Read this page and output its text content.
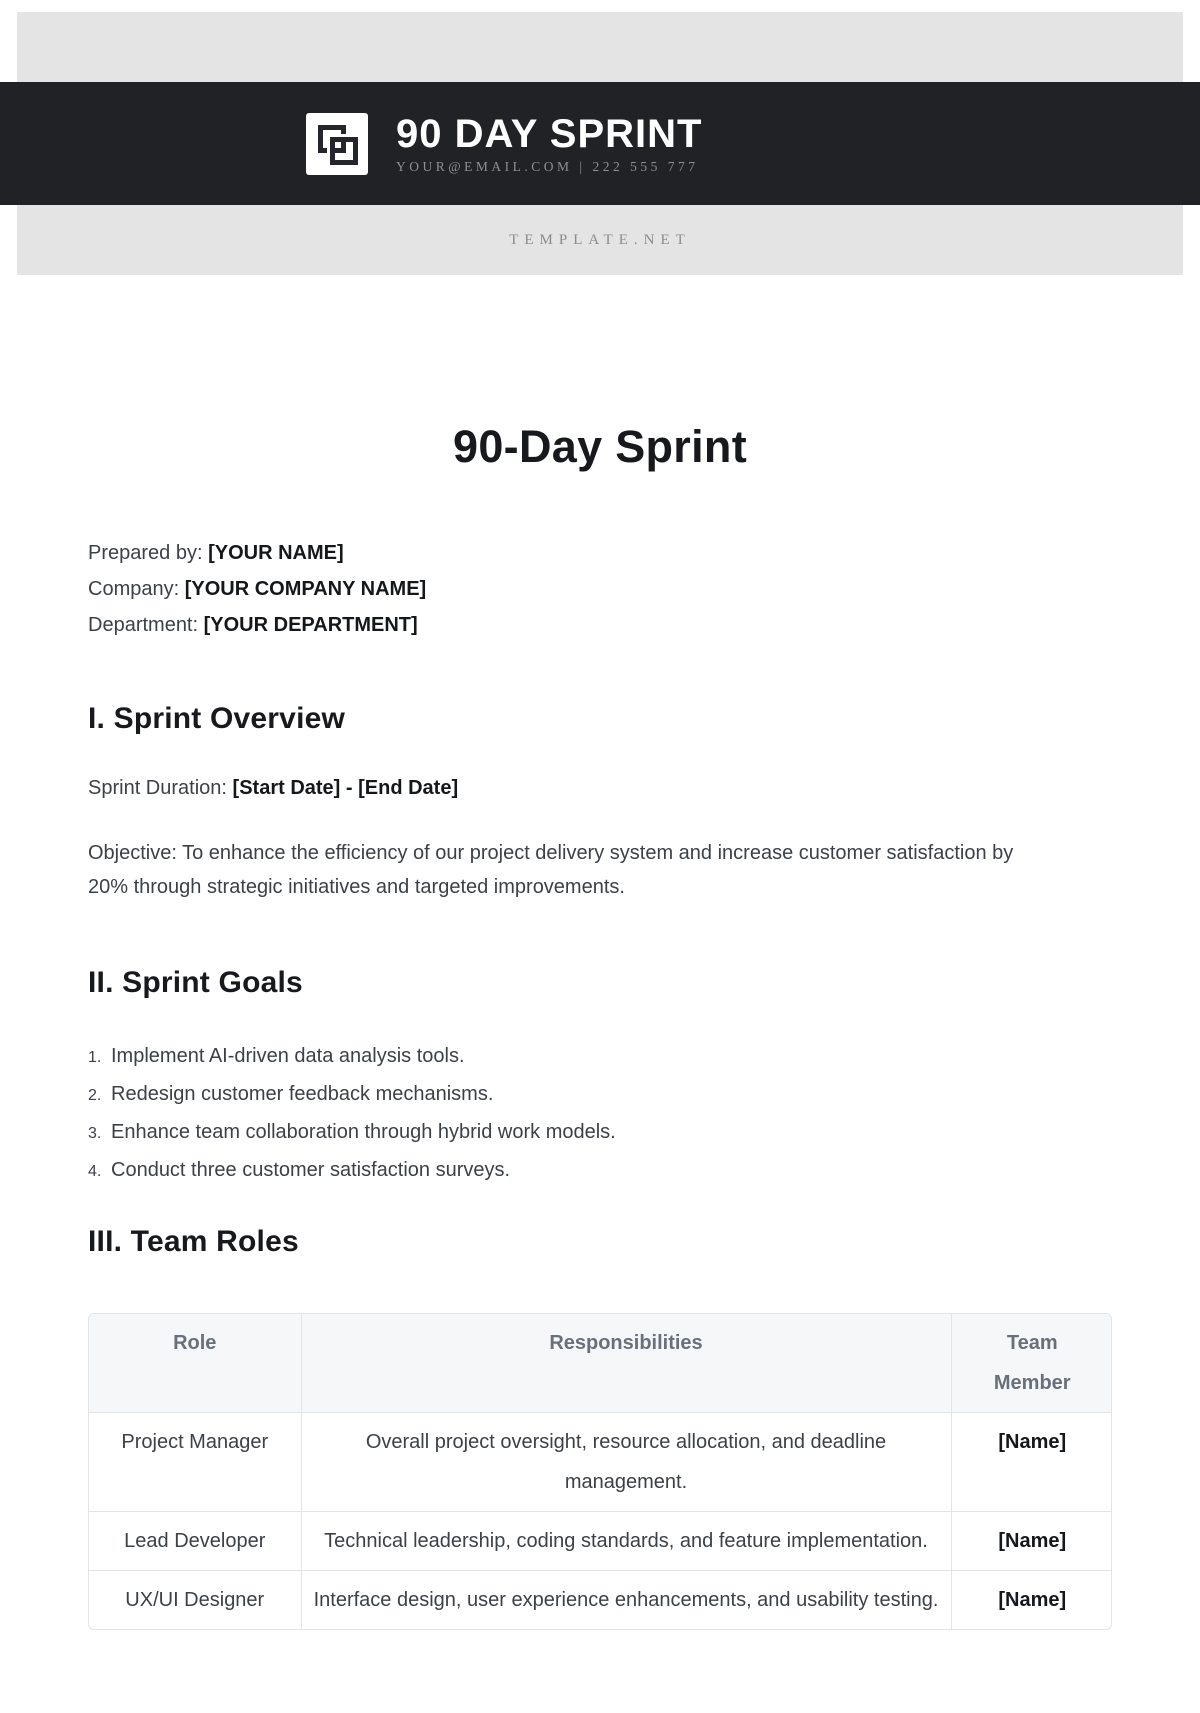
90 DAY SPRINT
YOUR@EMAIL.COM | 222 555 777
TEMPLATE.NET
90-Day Sprint
Prepared by: [YOUR NAME]
Company: [YOUR COMPANY NAME]
Department: [YOUR DEPARTMENT]
I. Sprint Overview

Sprint Duration: [Start Date] - [End Date]

Objective: To enhance the efficiency of our project delivery system and increase customer satisfaction by 20% through strategic initiatives and targeted improvements.

II. Sprint Goals
1. Implement AI-driven data analysis tools.
2. Redesign customer feedback mechanisms.
3. Enhance team collaboration through hybrid work models.
4. Conduct three customer satisfaction surveys.
III. Team Roles
Role	Responsibilities	Team Member
Project Manager	Overall project oversight, resource allocation, and deadline management.	[Name]
Lead Developer	Technical leadership, coding standards, and feature implementation.	[Name]
UX/UI Designer	Interface design, user experience enhancements, and usability testing.	[Name]
